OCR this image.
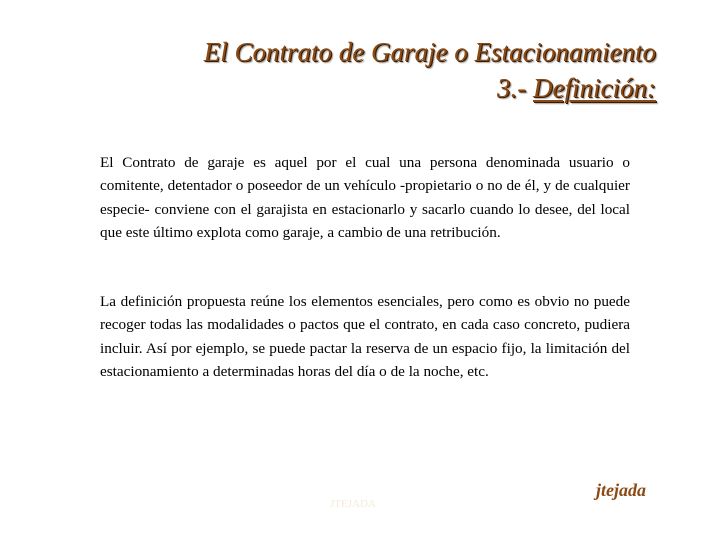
El Contrato de Garaje o Estacionamiento
3.- Definición:

El Contrato de garaje es aquel por el cual una persona denominada usuario o comitente, detentador o poseedor de un vehículo -propietario o no de él, y de cualquier especie- conviene con el garajista en estacionarlo y sacarlo cuando lo desee, del local que este último explota como garaje, a cambio de una retribución.

La definición propuesta reúne los elementos esenciales, pero como es obvio no puede recoger todas las modalidades o pactos que el contrato, en cada caso concreto, pudiera incluir. Así por ejemplo, se puede pactar la reserva de un espacio fijo, la limitación del estacionamiento a determinadas horas del día o de la noche, etc.

JTEJADA
jtejada
